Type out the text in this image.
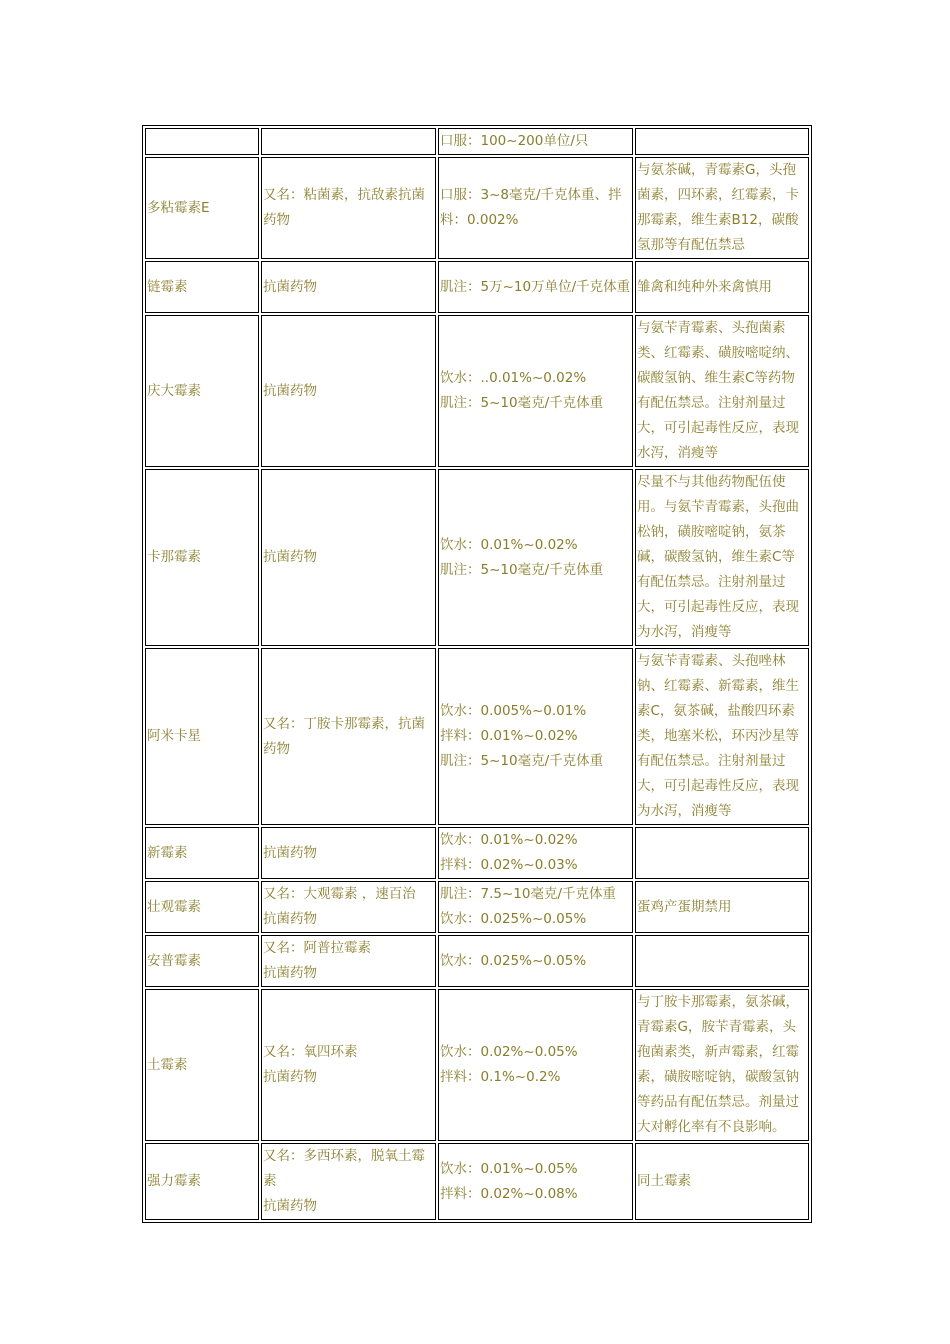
		口服：100~200单位/只	

多粘霉素E	又名：粘菌素，抗敌素抗菌药物	口服：3~8毫克/千克体重、拌料：0.002%	与氨茶碱，青霉素G，头孢菌素，四环素，红霉素，卡那霉素，维生素B12，碳酸氢那等有配伍禁忌

链霉素	抗菌药物	肌注：5万~10万单位/千克体重	雏禽和纯种外来禽慎用

庆大霉素	抗菌药物	饮水：..0.01%~0.02%
肌注：5~10毫克/千克体重	与氨苄青霉素、头孢菌素类、红霉素、磺胺嘧啶纳、碳酸氢钠、维生素C等药物有配伍禁忌。注射剂量过大，可引起毒性反应，表现水泻，消瘦等

卡那霉素	抗菌药物	饮水：0.01%~0.02%
肌注：5~10毫克/千克体重	尽量不与其他药物配伍使用。与氨苄青霉素，头孢曲松钠，磺胺嘧啶钠，氨茶碱，碳酸氢钠，维生素C等有配伍禁忌。注射剂量过大，可引起毒性反应，表现为水泻，消瘦等

阿米卡星	又名：丁胺卡那霉素，抗菌药物	饮水：0.005%~0.01%
拌料：0.01%~0.02%
肌注：5~10毫克/千克体重	与氨苄青霉素、头孢唑林钠、红霉素、新霉素，维生素C，氨茶碱，盐酸四环素类，地塞米松，环丙沙星等有配伍禁忌。注射剂量过大，可引起毒性反应，表现为水泻，消瘦等

新霉素	抗菌药物	饮水：0.01%~0.02%
拌料：0.02%~0.03%	

壮观霉素	又名：大观霉素 ，速百治
抗菌药物	肌注：7.5~10毫克/千克体重
饮水：0.025%~0.05%	蛋鸡产蛋期禁用

安普霉素	又名：阿普拉霉素
抗菌药物	饮水：0.025%~0.05%	

土霉素	又名：氧四环素
抗菌药物	饮水：0.02%~0.05%
拌料：0.1%~0.2%	与丁胺卡那霉素，氨茶碱，青霉素G，胺苄青霉素，头孢菌素类，新声霉素，红霉素，磺胺嘧啶钠，碳酸氢钠等药品有配伍禁忌。剂量过大对孵化率有不良影响。

强力霉素	又名：多西环素，脱氧土霉素
抗菌药物	饮水：0.01%~0.05%
拌料：0.02%~0.08%	同土霉素
